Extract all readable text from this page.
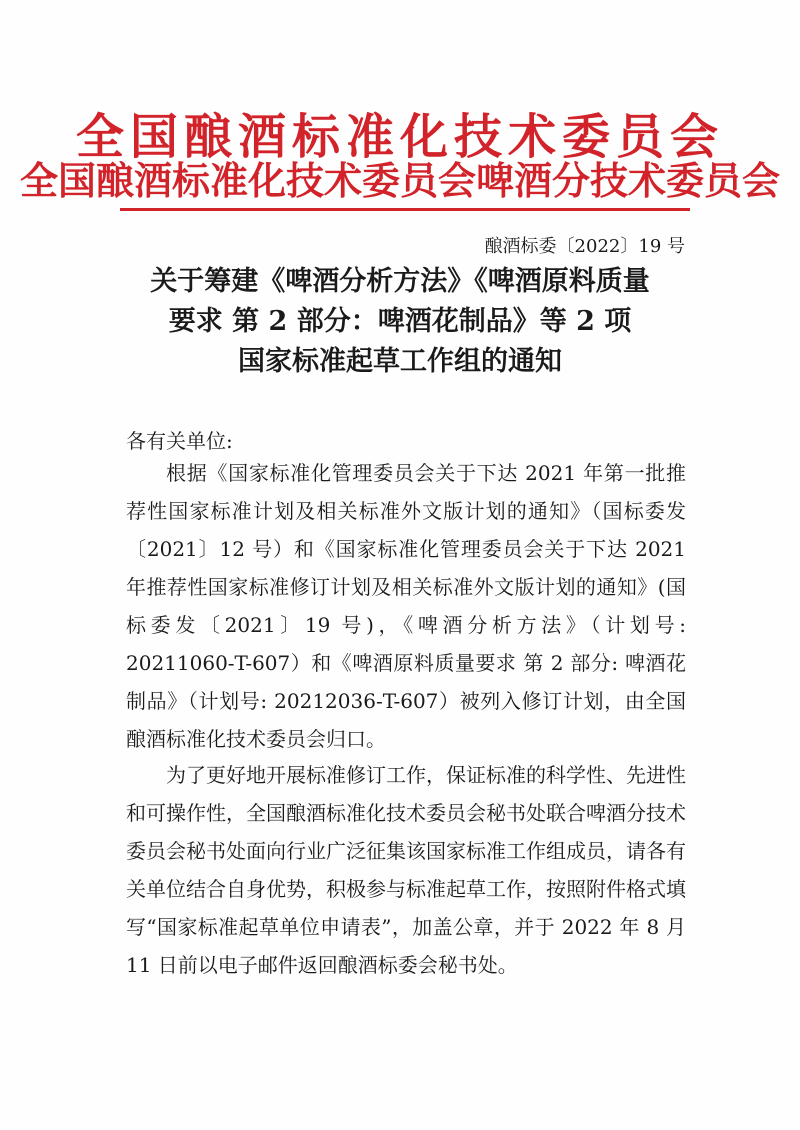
全国酿酒标准化技术委员会
全国酿酒标准化技术委员会啤酒分技术委员会
酿酒标委〔2022〕19 号
关于筹建《啤酒分析方法》《啤酒原料质量
要求 第 2 部分：啤酒花制品》等 2 项
国家标准起草工作组的通知
各有关单位:
根据《国家标准化管理委员会关于下达 2021 年第一批推荐性国家标准计划及相关标准外文版计划的通知》（国标委发〔2021〕12 号）和《国家标准化管理委员会关于下达 2021 年推荐性国家标准修订计划及相关标准外文版计划的通知》(国标委发〔2021〕19 号)，《啤酒分析方法》（计划号: 20211060-T-607）和《啤酒原料质量要求 第 2 部分: 啤酒花制品》（计划号: 20212036-T-607）被列入修订计划，由全国酿酒标准化技术委员会归口。
为了更好地开展标准修订工作，保证标准的科学性、先进性和可操作性，全国酿酒标准化技术委员会秘书处联合啤酒分技术委员会秘书处面向行业广泛征集该国家标准工作组成员，请各有关单位结合自身优势，积极参与标准起草工作，按照附件格式填写“国家标准起草单位申请表”，加盖公章，并于 2022 年 8 月 11 日前以电子邮件返回酿酒标委会秘书处。
